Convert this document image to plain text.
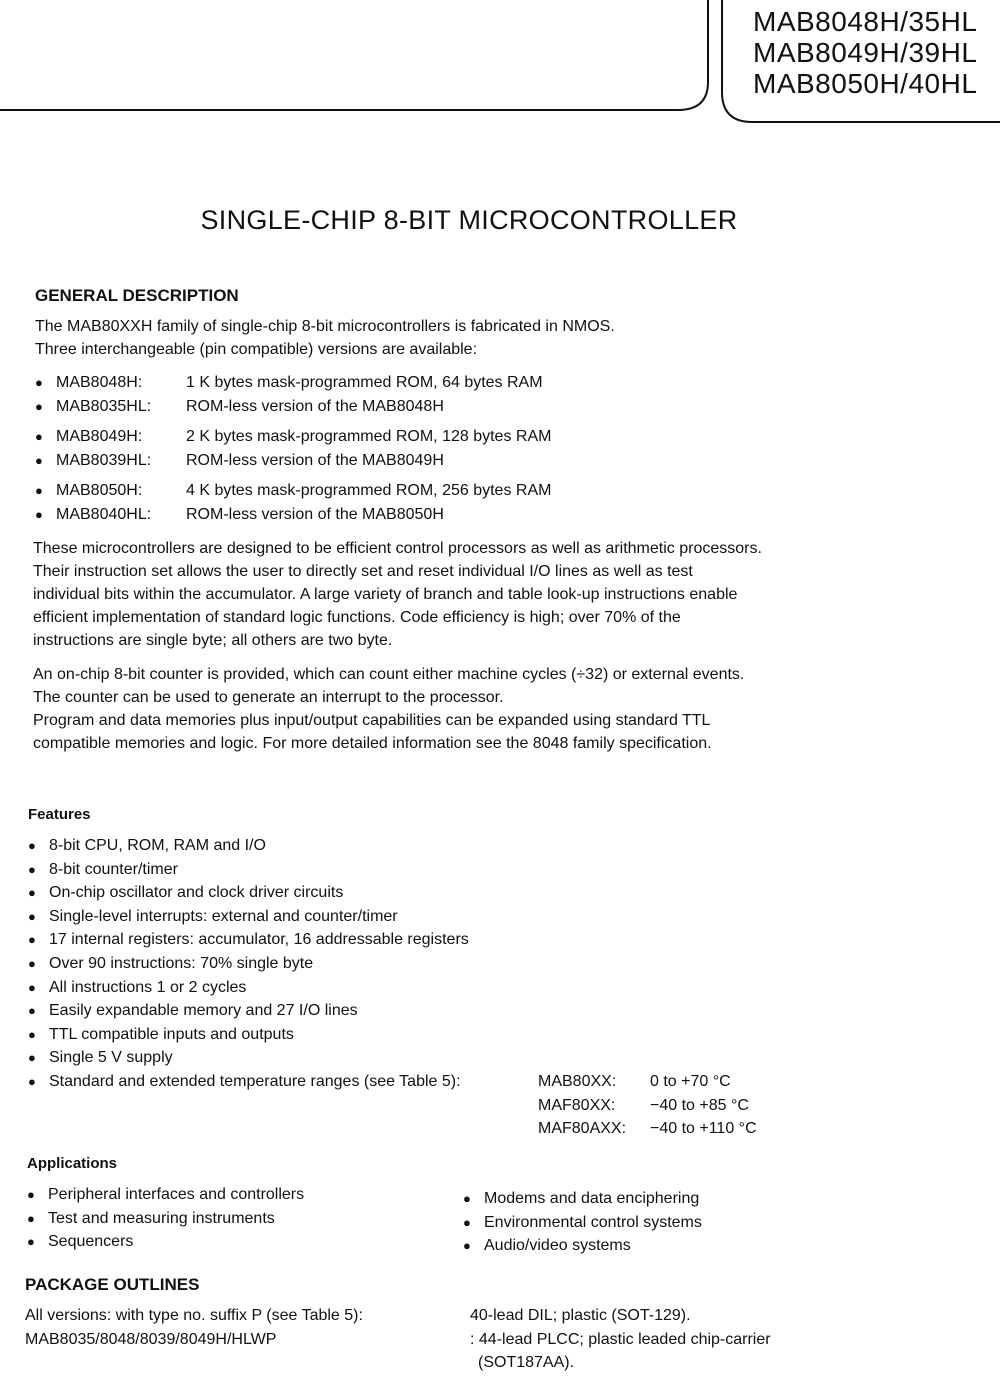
MAB8048H/35HL
MAB8049H/39HL
MAB8050H/40HL
SINGLE-CHIP 8-BIT MICROCONTROLLER
GENERAL DESCRIPTION

The MAB80XXH family of single-chip 8-bit microcontrollers is fabricated in NMOS.

Three interchangeable (pin compatible) versions are available:

● MAB8048H:	1 K bytes mask-programmed ROM, 64 bytes RAM
● MAB8035HL:	ROM-less version of the MAB8048H
● MAB8049H:	2 K bytes mask-programmed ROM, 128 bytes RAM
● MAB8039HL:	ROM-less version of the MAB8049H
● MAB8050H:	4 K bytes mask-programmed ROM, 256 bytes RAM
● MAB8040HL:	ROM-less version of the MAB8050H

These microcontrollers are designed to be efficient control processors as well as arithmetic processors.

Their instruction set allows the user to directly set and reset individual I/O lines as well as test

individual bits within the accumulator. A large variety of branch and table look-up instructions enable

efficient implementation of standard logic functions. Code efficiency is high; over 70% of the

instructions are single byte; all others are two byte.

An on-chip 8-bit counter is provided, which can count either machine cycles (÷32) or external events.

The counter can be used to generate an interrupt to the processor.

Program and data memories plus input/output capabilities can be expanded using standard TTL

compatible memories and logic. For more detailed information see the 8048 family specification.

Features
● 8-bit CPU, ROM, RAM and I/O
● 8-bit counter/timer
● On-chip oscillator and clock driver circuits
● Single-level interrupts: external and counter/timer
● 17 internal registers: accumulator, 16 addressable registers
● Over 90 instructions: 70% single byte
● All instructions 1 or 2 cycles
● Easily expandable memory and 27 I/O lines
● TTL compatible inputs and outputs
● Single 5 V supply
● Standard and extended temperature ranges (see Table 5):	MAB80XX: 0 to +70 °C
MAF80XX: −40 to +85 °C
MAF80AXX: −40 to +110 °C
Applications
● Peripheral interfaces and controllers
● Test and measuring instruments
● Sequencers
● Modems and data enciphering
● Environmental control systems
● Audio/video systems
PACKAGE OUTLINES
All versions: with type no. suffix P (see Table 5):	40-lead DIL; plastic (SOT-129).
MAB8035/8048/8039/8049H/HLWP	: 44-lead PLCC; plastic leaded chip-carrier
(SOT187AA).
